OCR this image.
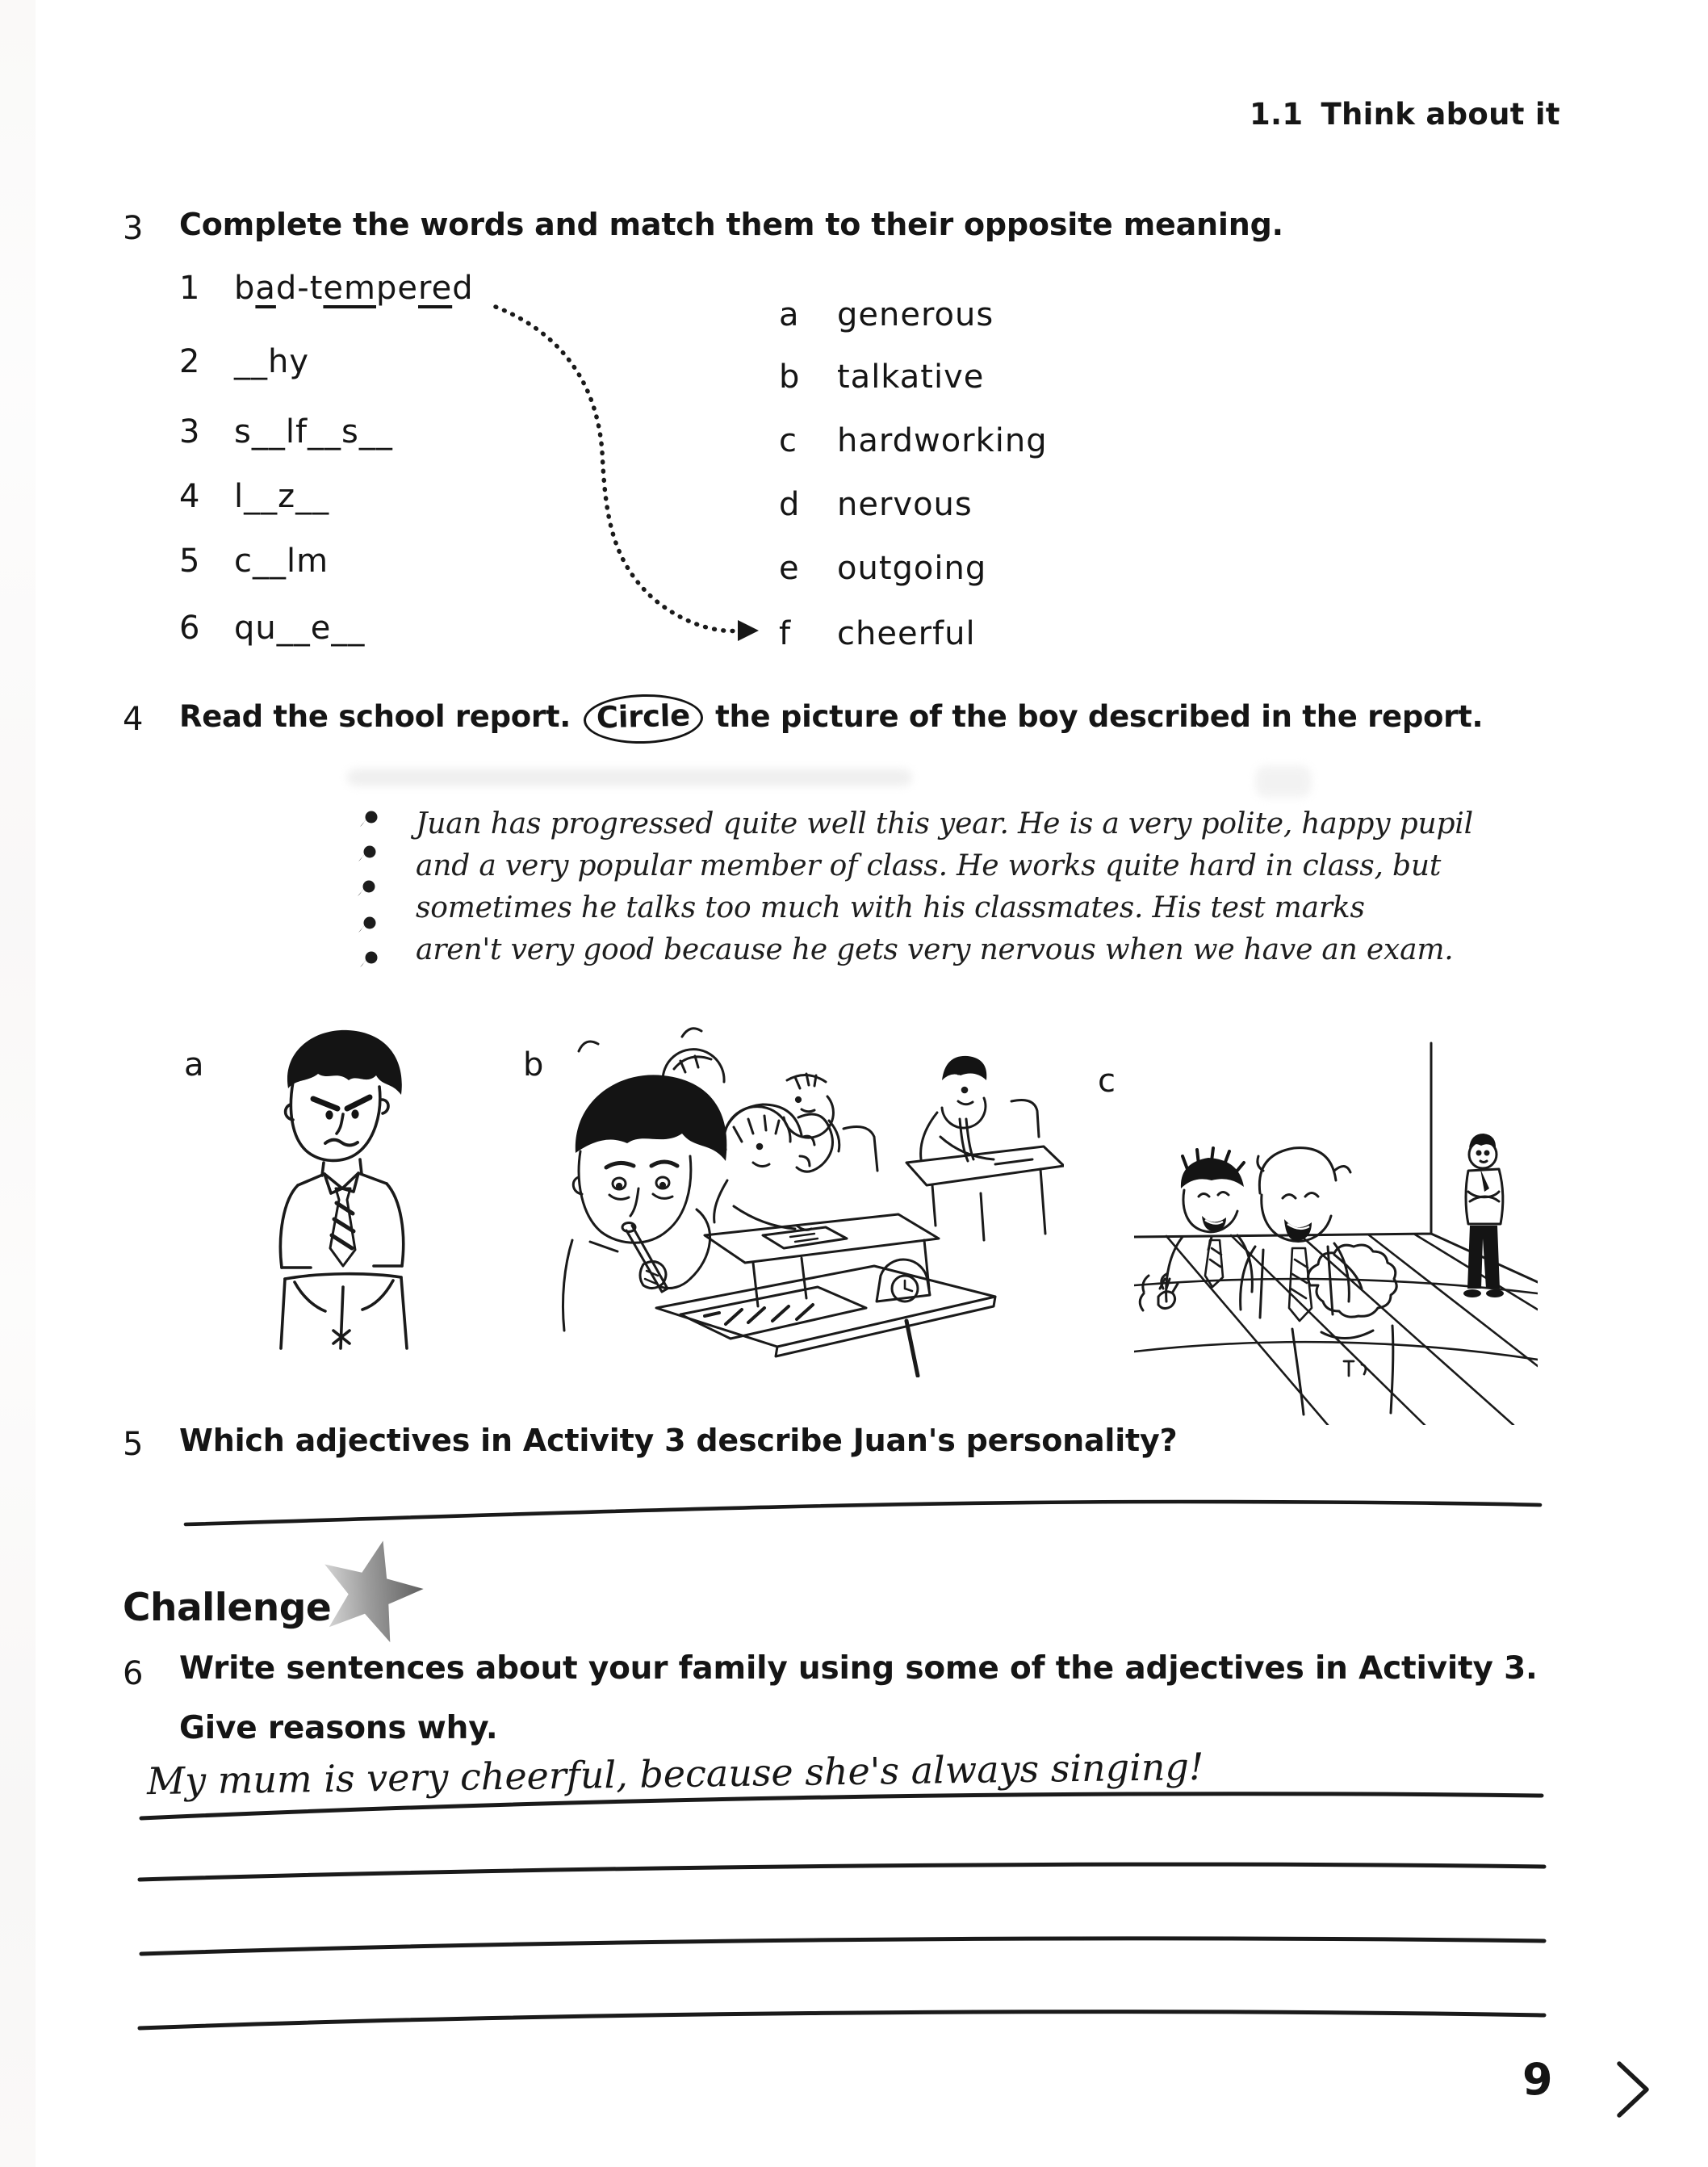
1.1 Think about it
3 Complete the words and match them to their opposite meaning.
1 bad-tempered
2 __hy
3 s__lf__s__
4 l__z__
5 c__lm
6 qu__e__
a generous
b talkative
c hardworking
d nervous
e outgoing
f cheerful
4 Read the school report. Circle the picture of the boy described in the report.
Juan has progressed quite well this year. He is a very polite, happy pupil
and a very popular member of class. He works quite hard in class, but
sometimes he talks too much with his classmates. His test marks
aren't very good because he gets very nervous when we have an exam.
a	b	c
5 Which adjectives in Activity 3 describe Juan's personality?
Challenge
6 Write sentences about your family using some of the adjectives in Activity 3.
Give reasons why.
My mum is very cheerful, because she's always singing!
9
